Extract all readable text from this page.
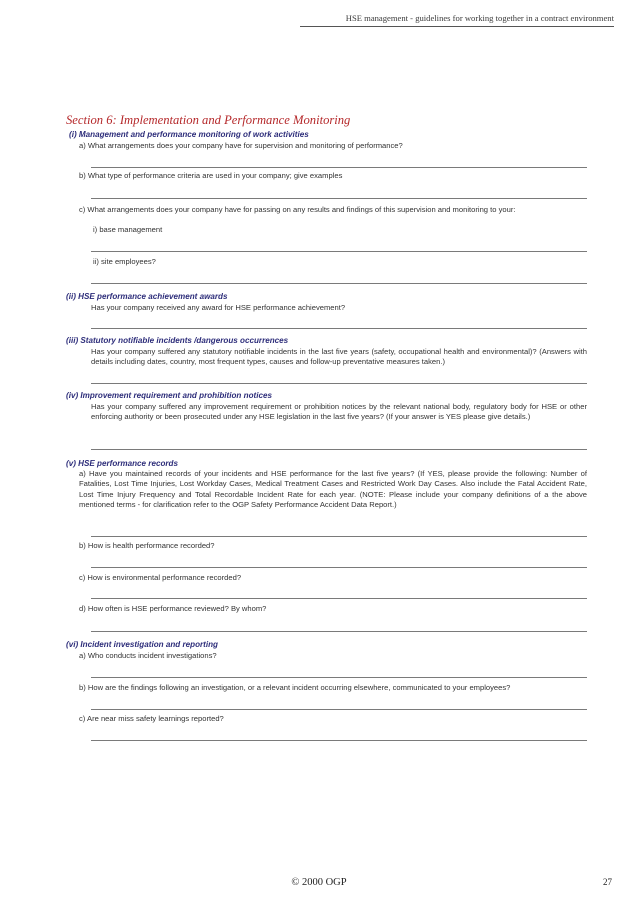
HSE management - guidelines for working together in a contract environment
Section 6: Implementation and Performance Monitoring
(i) Management and performance monitoring of work activities
a) What arrangements does your company have for supervision and monitoring of performance?
b) What type of performance criteria are used in your company; give examples
c) What arrangements does your company have for passing on any results and findings of this supervision and monitoring to your:
i) base management
ii) site employees?
(ii) HSE performance achievement awards
Has your company received any award for HSE performance achievement?
(iii) Statutory notifiable incidents /dangerous occurrences
Has your company suffered any statutory notifiable incidents in the last five years (safety, occupational health and environmental)? (Answers with details including dates, country, most frequent types, causes and follow-up preventative measures taken.)
(iv) Improvement requirement and prohibition notices
Has your company suffered any improvement requirement or prohibition notices by the relevant national body, regulatory body for HSE or other enforcing authority or been prosecuted under any HSE legislation in the last five years? (If your answer is YES please give details.)
(v) HSE performance records
a) Have you maintained records of your incidents and HSE performance for the last five years? (If YES, please provide the following: Number of Fatalities, Lost Time Injuries, Lost Workday Cases, Medical Treatment Cases and Restricted Work Day Cases. Also include the Fatal Accident Rate, Lost Time Injury Frequency and Total Recordable Incident Rate for each year. (NOTE: Please include your company definitions of a the above mentioned terms - for clarification refer to the OGP Safety Performance Accident Data Report.)
b) How is health performance recorded?
c) How is environmental performance recorded?
d) How often is HSE performance reviewed? By whom?
(vi) Incident investigation and reporting
a) Who conducts incident investigations?
b) How are the findings following an investigation, or a relevant incident occurring elsewhere, communicated to your employees?
c) Are near miss safety learnings reported?
© 2000 OGP	27
